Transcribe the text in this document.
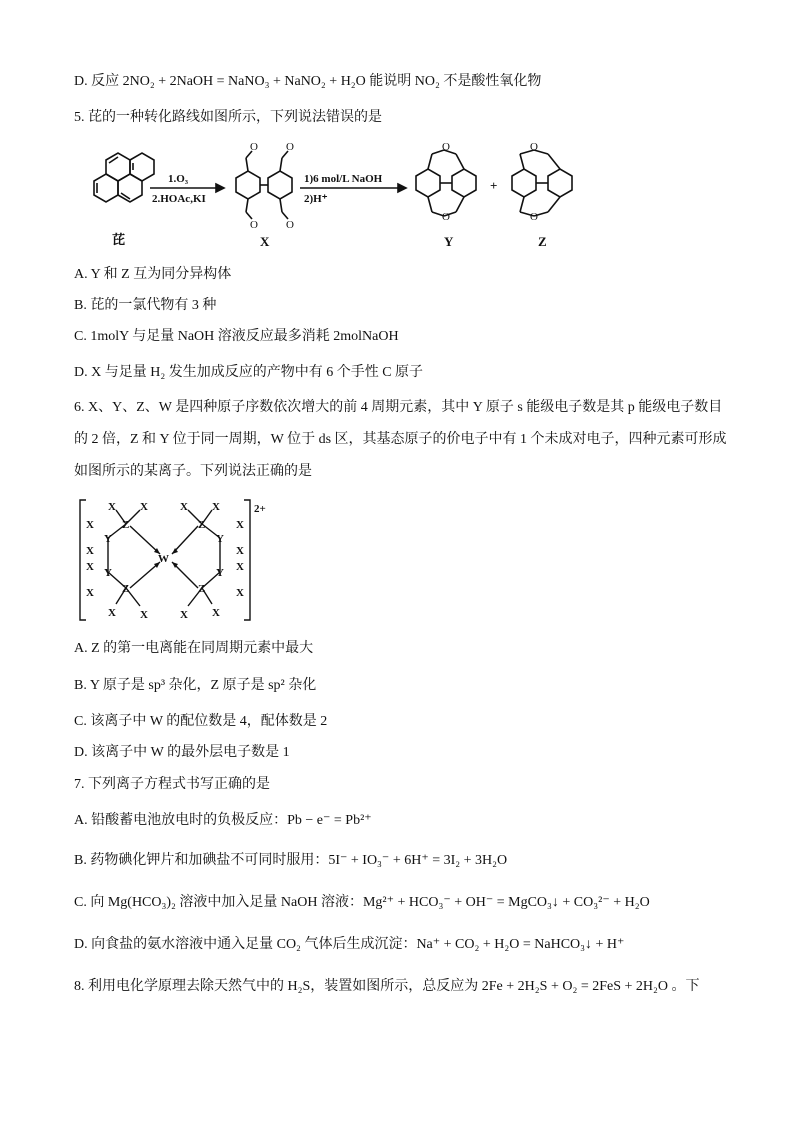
D. 反应 2NO₂ + 2NaOH = NaNO₃ + NaNO₂ + H₂O 能说明 NO₂ 不是酸性氧化物
5. 芘的一种转化路线如图所示，下列说法错误的是
O
O
O
O
O	O
O	O
1.O₃
2.HOAc,KI
1)6 mol/L NaOH
2)H⁺
芘	X	Y	Z
+
A. Y 和 Z 互为同分异构体
B. 芘的一氯代物有 3 种
C. 1molY 与足量 NaOH 溶液反应最多消耗 2molNaOH
D. X 与足量 H₂ 发生加成反应的产物中有 6 个手性 C 原子
6. X、Y、Z、W 是四种原子序数依次增大的前 4 周期元素，其中 Y 原子 s 能级电子数是其 p 能级电子数目
的 2 倍，Z 和 Y 位于同一周期，W 位于 ds 区，其基态原子的价电子中有 1 个未成对电子，四种元素可形成
如图所示的某离子。下列说法正确的是
W
Z	Z
Z	Z
Y	Y
Y	Y
X X	X X
X
X
X
X
X
X
X
X
X X	X X
2+
A. Z 的第一电离能在同周期元素中最大
B. Y 原子是 sp³ 杂化，Z 原子是 sp² 杂化
C. 该离子中 W 的配位数是 4，配体数是 2
D. 该离子中 W 的最外层电子数是 1
7. 下列离子方程式书写正确的是
A. 铅酸蓄电池放电时的负极反应：Pb − e⁻ = Pb²⁺
B. 药物碘化钾片和加碘盐不可同时服用：5I⁻ + IO₃⁻ + 6H⁺ = 3I₂ + 3H₂O
C. 向 Mg(HCO₃)₂ 溶液中加入足量 NaOH 溶液：Mg²⁺ + HCO₃⁻ + OH⁻ = MgCO₃↓ + CO₃²⁻ + H₂O
D. 向食盐的氨水溶液中通入足量 CO₂ 气体后生成沉淀：Na⁺ + CO₂ + H₂O = NaHCO₃↓ + H⁺
8. 利用电化学原理去除天然气中的 H₂S，装置如图所示，总反应为 2Fe + 2H₂S + O₂ = 2FeS + 2H₂O 。下
